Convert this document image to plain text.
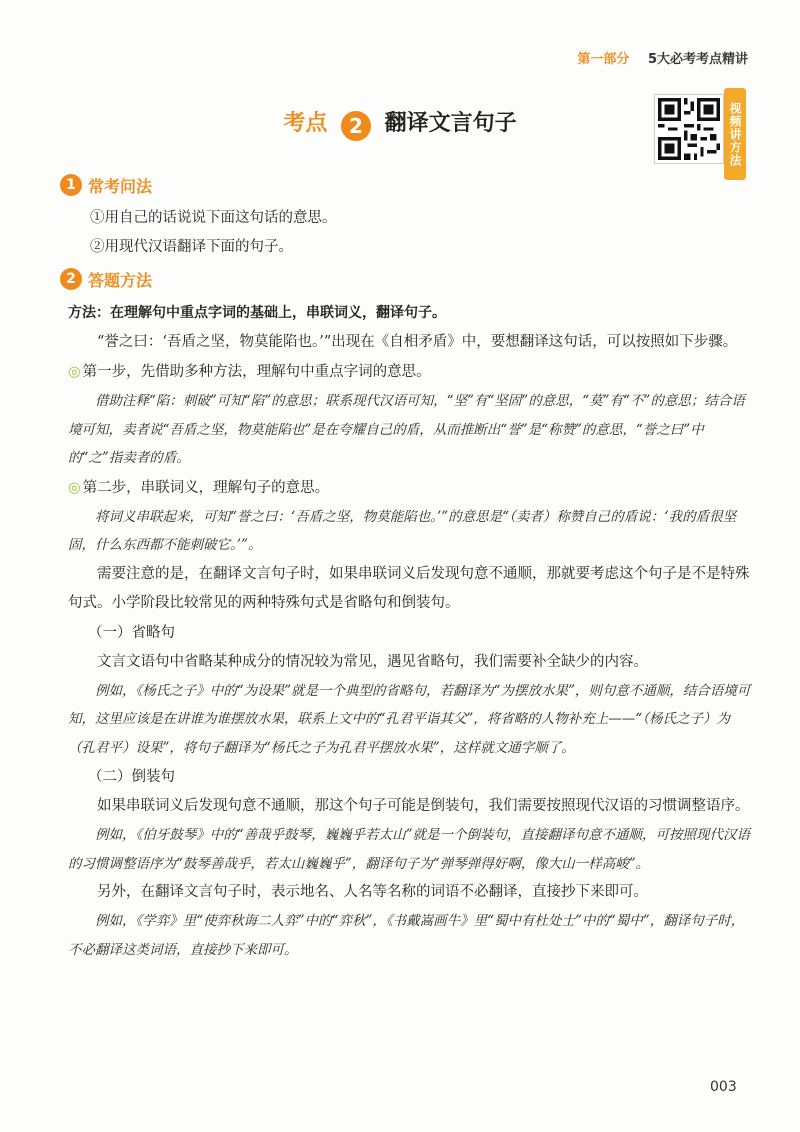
第一部分 5大必考考点精讲
考点 2 翻译文言句子	视频讲方法
1 常考问法

①用自己的话说说下面这句话的意思。

②用现代汉语翻译下面的句子。

2 答题方法

方法：在理解句中重点字词的基础上，串联词义，翻译句子。

“誉之曰：‘吾盾之坚，物莫能陷也。’”出现在《自相矛盾》中，要想翻译这句话，可以按照如下步骤。

◎ 第一步，先借助多种方法，理解句中重点字词的意思。

借助注释“陷：刺破”可知“陷”的意思；联系现代汉语可知，“坚”有“坚固”的意思，“莫”有“不”的意思；结合语境可知，卖者说“吾盾之坚，物莫能陷也”是在夸耀自己的盾，从而推断出“誉”是“称赞”的意思，“誉之曰”中的“之”指卖者的盾。

◎ 第二步，串联词义，理解句子的意思。

将词义串联起来，可知“誉之曰：‘吾盾之坚，物莫能陷也。’”的意思是“（卖者）称赞自己的盾说：‘我的盾很坚固，什么东西都不能刺破它。’”。

需要注意的是，在翻译文言句子时，如果串联词义后发现句意不通顺，那就要考虑这个句子是不是特殊句式。小学阶段比较常见的两种特殊句式是省略句和倒装句。

（一）省略句

文言文语句中省略某种成分的情况较为常见，遇见省略句，我们需要补全缺少的内容。

例如，《杨氏之子》中的“为设果”就是一个典型的省略句，若翻译为“为摆放水果”，则句意不通顺，结合语境可知，这里应该是在讲谁为谁摆放水果，联系上文中的“孔君平诣其父”，将省略的人物补充上——“（杨氏之子）为（孔君平）设果”，将句子翻译为“杨氏之子为孔君平摆放水果”，这样就文通字顺了。

（二）倒装句

如果串联词义后发现句意不通顺，那这个句子可能是倒装句，我们需要按照现代汉语的习惯调整语序。

例如，《伯牙鼓琴》中的“善哉乎鼓琴，巍巍乎若太山”就是一个倒装句，直接翻译句意不通顺，可按照现代汉语的习惯调整语序为“鼓琴善哉乎，若太山巍巍乎”，翻译句子为“弹琴弹得好啊，像大山一样高峻”。

另外，在翻译文言句子时，表示地名、人名等名称的词语不必翻译，直接抄下来即可。

例如，《学弈》里“使弈秋诲二人弈”中的“弈秋”，《书戴嵩画牛》里“蜀中有杜处士”中的“蜀中”，翻译句子时，不必翻译这类词语，直接抄下来即可。

003
